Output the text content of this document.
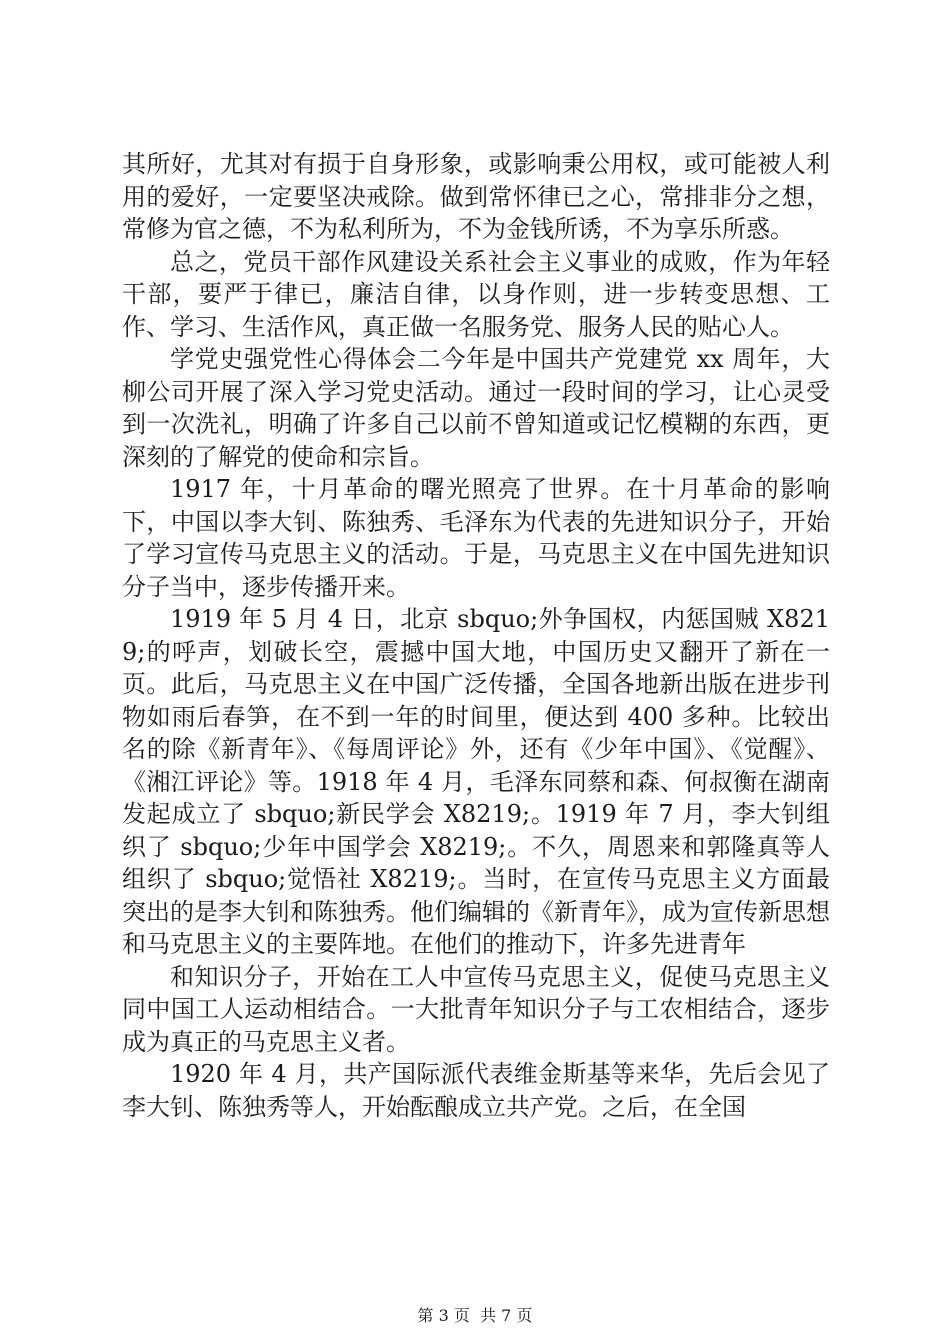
其所好，尤其对有损于自身形象，或影响秉公用权，或可能被人利用的爱好，一定要坚决戒除。做到常怀律已之心，常排非分之想，常修为官之德，不为私利所为，不为金钱所诱，不为享乐所惑。

总之，党员干部作风建设关系社会主义事业的成败，作为年轻干部，要严于律已，廉洁自律，以身作则，进一步转变思想、工作、学习、生活作风，真正做一名服务党、服务人民的贴心人。

学党史强党性心得体会二今年是中国共产党建党 xx 周年，大柳公司开展了深入学习党史活动。通过一段时间的学习，让心灵受到一次洗礼，明确了许多自己以前不曾知道或记忆模糊的东西，更深刻的了解党的使命和宗旨。

1917 年，十月革命的曙光照亮了世界。在十月革命的影响下，中国以李大钊、陈独秀、毛泽东为代表的先进知识分子，开始了学习宣传马克思主义的活动。于是，马克思主义在中国先进知识分子当中，逐步传播开来。

1919 年 5 月 4 日，北京 sbquo;外争国权，内惩国贼 X8219;的呼声，划破长空，震撼中国大地，中国历史又翻开了新在一页。此后，马克思主义在中国广泛传播，全国各地新出版在进步刊物如雨后春笋，在不到一年的时间里，便达到 400 多种。比较出名的除《新青年》、《每周评论》外，还有《少年中国》、《觉醒》、《湘江评论》等。1918 年 4 月，毛泽东同蔡和森、何叔衡在湖南发起成立了 sbquo;新民学会 X8219;。1919 年 7 月，李大钊组织了 sbquo;少年中国学会 X8219;。不久，周恩来和郭隆真等人组织了 sbquo;觉悟社 X8219;。当时，在宣传马克思主义方面最突出的是李大钊和陈独秀。他们编辑的《新青年》，成为宣传新思想和马克思主义的主要阵地。在他们的推动下，许多先进青年

和知识分子，开始在工人中宣传马克思主义，促使马克思主义同中国工人运动相结合。一大批青年知识分子与工农相结合，逐步成为真正的马克思主义者。

1920 年 4 月，共产国际派代表维金斯基等来华，先后会见了李大钊、陈独秀等人，开始酝酿成立共产党。之后，在全国

第 3 页  共 7 页
